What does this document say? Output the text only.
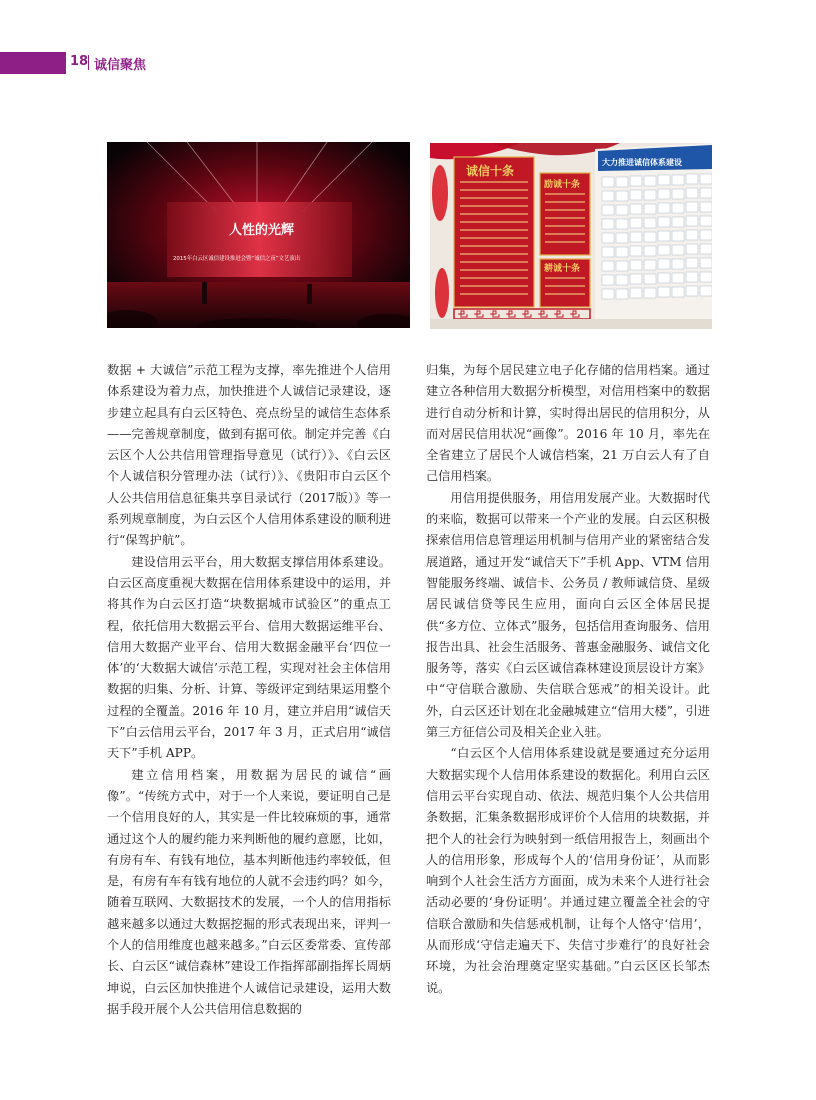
18 诚信聚焦
人性的光辉
2015年白云区诚信建设推进会暨“诚信之夜”文艺演出
诚信十条
励诚十条
耕诚十条
大力推进诚信体系建设

数据 + 大诚信”示范工程为支撑，率先推进个人信用体系建设为着力点，加快推进个人诚信记录建设，逐步建立起具有白云区特色、亮点纷呈的诚信生态体系——完善规章制度，做到有据可依。制定并完善《白云区个人公共信用管理指导意见（试行）》、《白云区个人诚信积分管理办法（试行）》、《贵阳市白云区个人公共信用信息征集共享目录试行（2017版）》等一系列规章制度，为白云区个人信用体系建设的顺利进行“保驾护航”。

建设信用云平台，用大数据支撑信用体系建设。白云区高度重视大数据在信用体系建设中的运用，并将其作为白云区打造“块数据城市试验区”的重点工程，依托信用大数据云平台、信用大数据运维平台、信用大数据产业平台、信用大数据金融平台‘四位一体’的‘大数据大诚信’示范工程，实现对社会主体信用数据的归集、分析、计算、等级评定到结果运用整个过程的全覆盖。2016 年 10 月，建立并启用“诚信天下”白云信用云平台，2017 年 3 月，正式启用“诚信天下”手机 APP。

建立信用档案，用数据为居民的诚信“画像”。“传统方式中，对于一个人来说，要证明自己是一个信用良好的人，其实是一件比较麻烦的事，通常通过这个人的履约能力来判断他的履约意愿，比如，有房有车、有钱有地位，基本判断他违约率较低，但是，有房有车有钱有地位的人就不会违约吗？如今，随着互联网、大数据技术的发展，一个人的信用指标越来越多以通过大数据挖掘的形式表现出来，评判一个人的信用维度也越来越多。”白云区委常委、宣传部长、白云区“诚信森林”建设工作指挥部副指挥长周炳坤说，白云区加快推进个人诚信记录建设，运用大数据手段开展个人公共信用信息数据的

归集，为每个居民建立电子化存储的信用档案。通过建立各种信用大数据分析模型，对信用档案中的数据进行自动分析和计算，实时得出居民的信用积分，从而对居民信用状况“画像”。2016 年 10 月，率先在全省建立了居民个人诚信档案，21 万白云人有了自己信用档案。

用信用提供服务，用信用发展产业。大数据时代的来临，数据可以带来一个产业的发展。白云区积极探索信用信息管理运用机制与信用产业的紧密结合发展道路，通过开发“诚信天下”手机 App、VTM 信用智能服务终端、诚信卡、公务员 / 教师诚信贷、星级居民诚信贷等民生应用，面向白云区全体居民提供“多方位、立体式”服务，包括信用查询服务、信用报告出具、社会生活服务、普惠金融服务、诚信文化服务等，落实《白云区诚信森林建设顶层设计方案》中“守信联合激励、失信联合惩戒”的相关设计。此外，白云区还计划在北金融城建立“信用大楼”，引进第三方征信公司及相关企业入驻。

“白云区个人信用体系建设就是要通过充分运用大数据实现个人信用体系建设的数据化。利用白云区信用云平台实现自动、依法、规范归集个人公共信用条数据，汇集条数据形成评价个人信用的块数据，并把个人的社会行为映射到一纸信用报告上，刻画出个人的信用形象，形成每个人的‘信用身份证’，从而影响到个人社会生活方方面面，成为未来个人进行社会活动必要的‘身份证明’。并通过建立覆盖全社会的守信联合激励和失信惩戒机制，让每个人恪守‘信用’，从而形成‘守信走遍天下、失信寸步难行’的良好社会环境，为社会治理奠定坚实基础。”白云区区长邹杰说。
